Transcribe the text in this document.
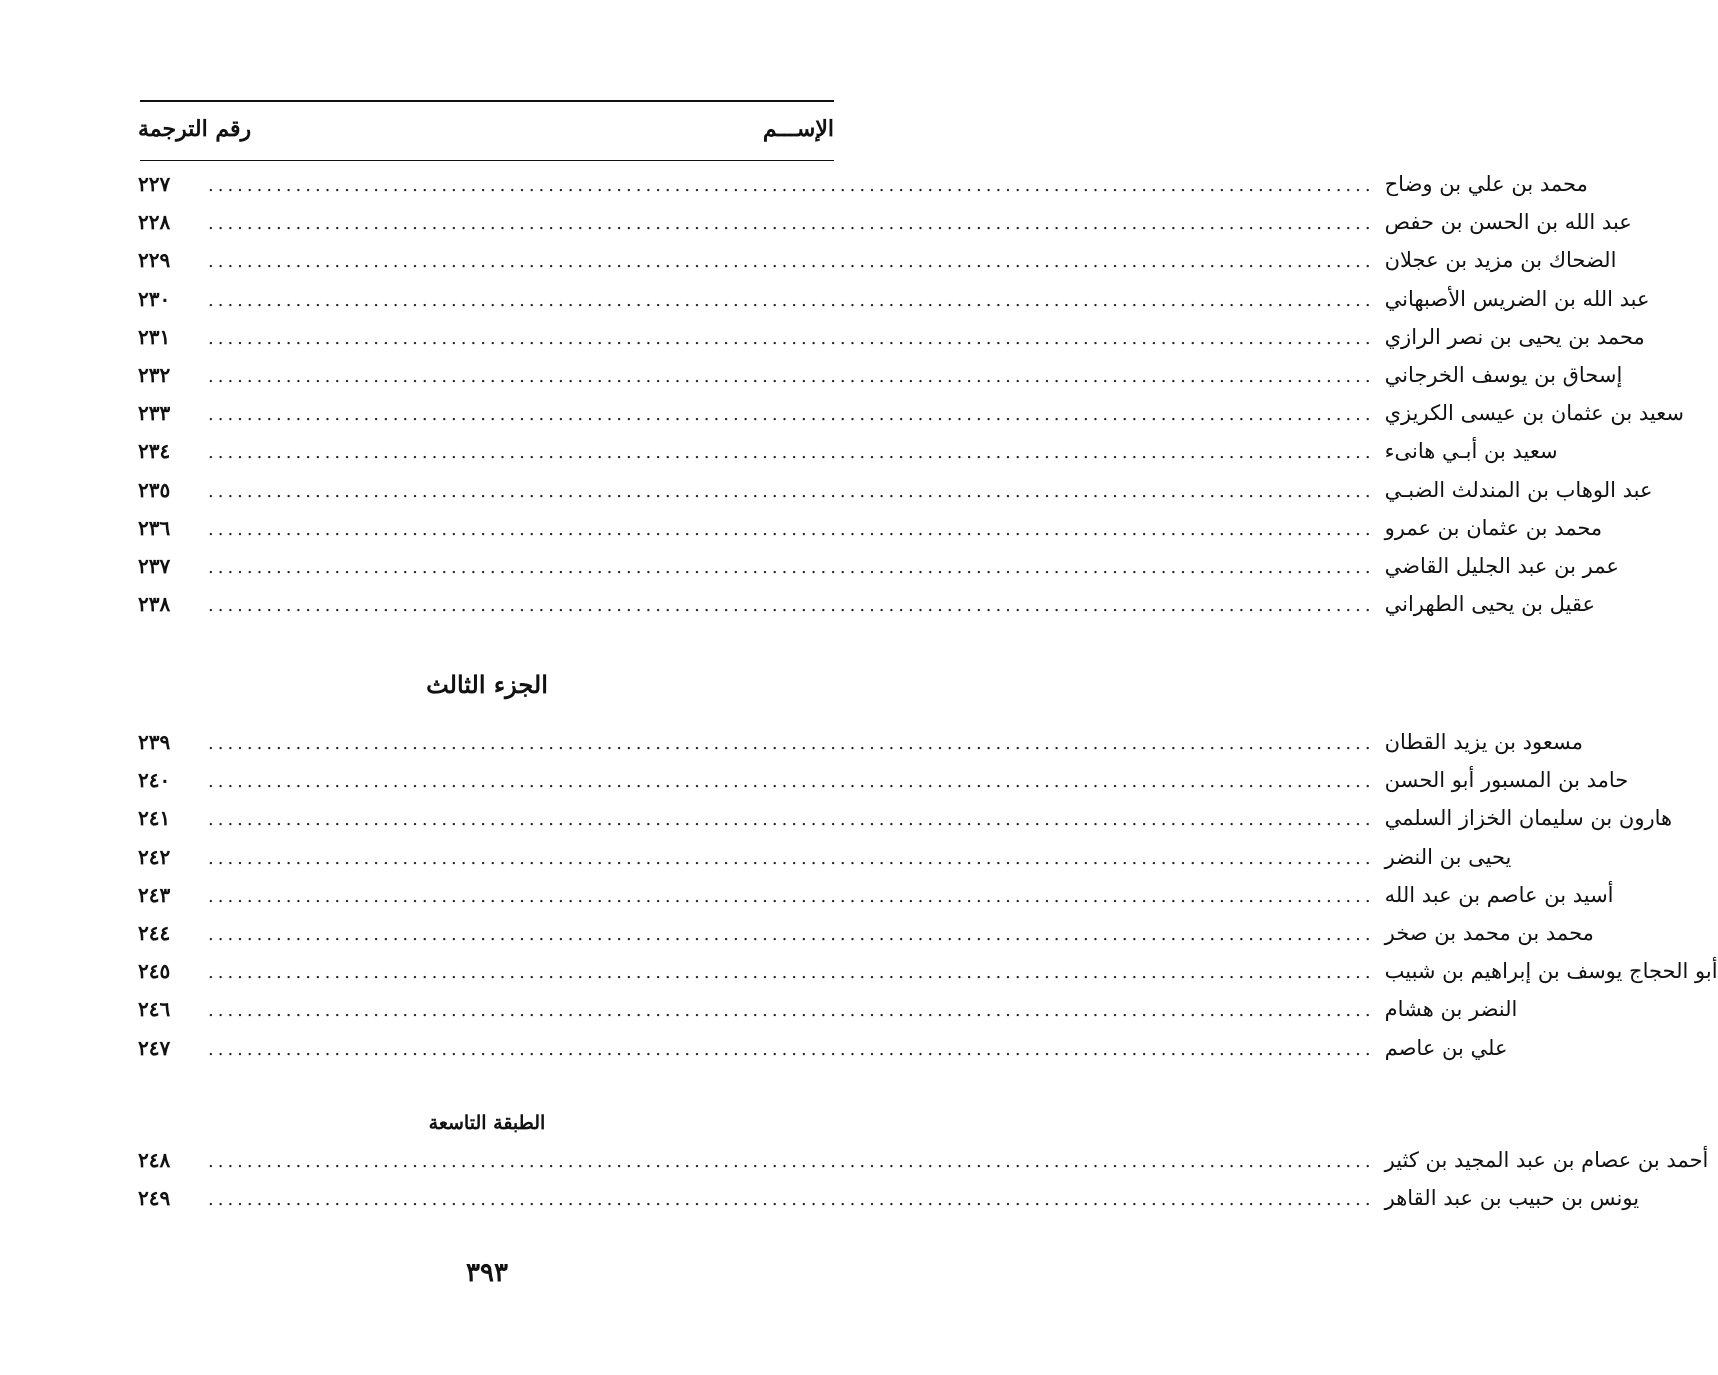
الإســـم
رقم الترجمة
٢٢٧	........................................................................................................................ محمد بن علي بن وضاح
٢٢٨	........................................................................................................................ عبد الله بن الحسن بن حفص
٢٢٩	........................................................................................................................ الضحاك بن مزيد بن عجلان
٢٣٠	........................................................................................................................ عبد الله بن الضريس الأصبهاني
٢٣١	........................................................................................................................ محمد بن يحيى بن نصر الرازي
٢٣٢	........................................................................................................................ إسحاق بن يوسف الخرجاني
٢٣٣	........................................................................................................................ سعيد بن عثمان بن عيسى الكريزي
٢٣٤	........................................................................................................................ سعيد بن أبـي هانىء
٢٣٥	........................................................................................................................ عبد الوهاب بن المندلث الضبـي
٢٣٦	........................................................................................................................ محمد بن عثمان بن عمرو
٢٣٧	........................................................................................................................ عمر بن عبد الجليل القاضي
٢٣٨	........................................................................................................................ عقيل بن يحيى الطهراني
الجزء الثالث
٢٣٩	........................................................................................................................ مسعود بن يزيد القطان
٢٤٠	........................................................................................................................ حامد بن المسبور أبو الحسن
٢٤١	........................................................................................................................ هارون بن سليمان الخزاز السلمي
٢٤٢	........................................................................................................................ يحيى بن النضر
٢٤٣	........................................................................................................................ أسيد بن عاصم بن عبد الله
٢٤٤	........................................................................................................................ محمد بن محمد بن صخر
٢٤٥	........................................................................................................................ أبو الحجاج يوسف بن إبراهيم بن شبيب
٢٤٦	........................................................................................................................ النضر بن هشام
٢٤٧	........................................................................................................................ علي بن عاصم
الطبقة التاسعة
٢٤٨	........................................................................................................................ أحمد بن عصام بن عبد المجيد بن كثير
٢٤٩	........................................................................................................................ يونس بن حبيب بن عبد القاهر
٣٩٣
